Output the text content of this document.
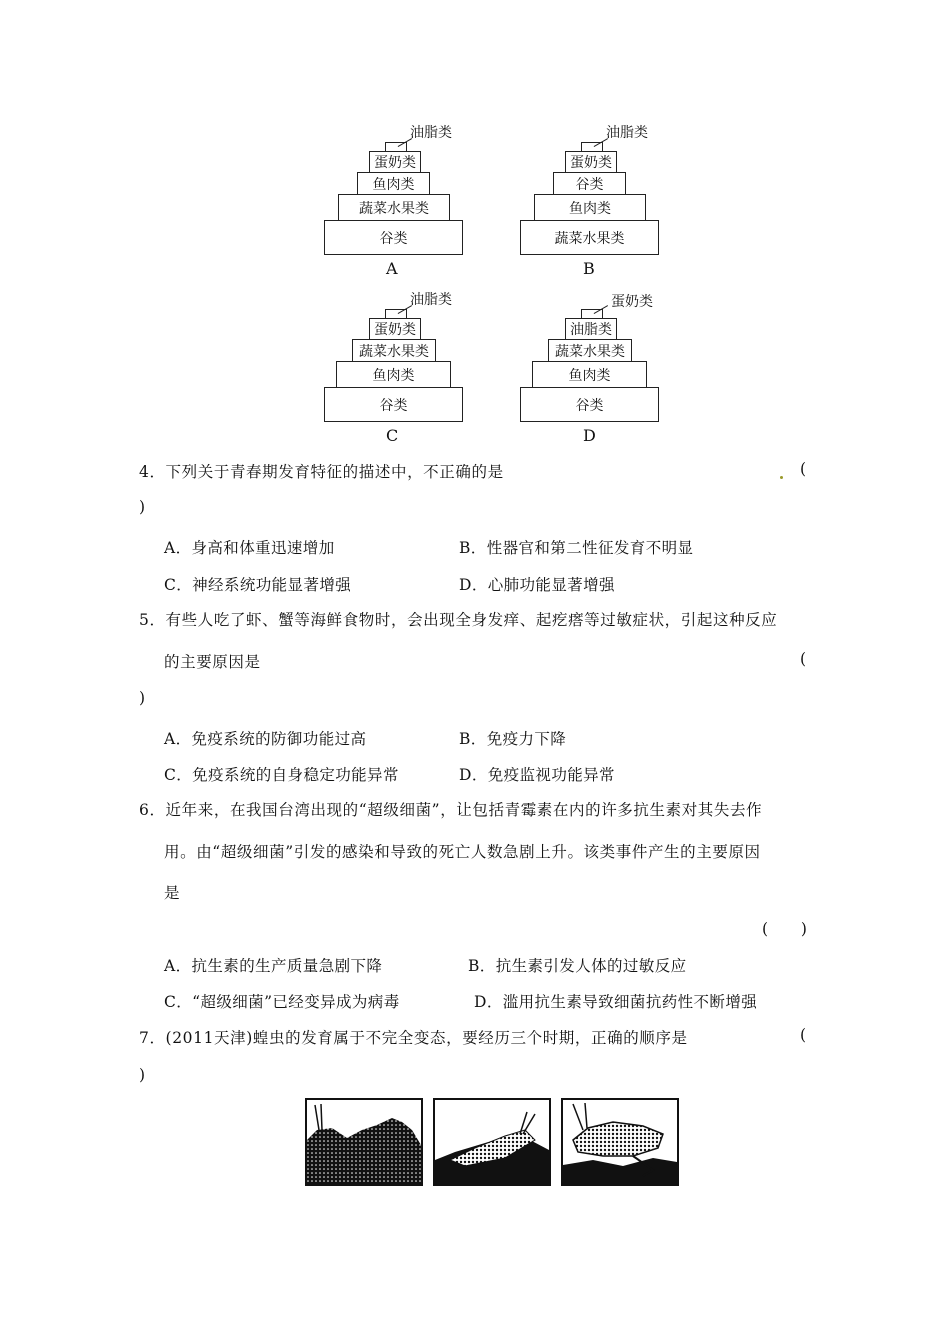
油脂类
蛋奶类
鱼肉类
蔬菜水果类
谷类
A
油脂类
蛋奶类
谷类
鱼肉类
蔬菜水果类
B
油脂类
蛋奶类
蔬菜水果类
鱼肉类
谷类
C
蛋奶类
油脂类
蔬菜水果类
鱼肉类
谷类
D
4．下列关于青春期发育特征的描述中，不正确的是	(
)
A．身高和体重迅速增加	B．性器官和第二性征发育不明显
C．神经系统功能显著增强	D．心肺功能显著增强
5．有些人吃了虾、蟹等海鲜食物时，会出现全身发痒、起疙瘩等过敏症状，引起这种反应
的主要原因是	(
)
A．免疫系统的防御功能过高	B．免疫力下降
C．免疫系统的自身稳定功能异常	D．免疫监视功能异常
6．近年来，在我国台湾出现的“超级细菌”，让包括青霉素在内的许多抗生素对其失去作
用。由“超级细菌”引发的感染和导致的死亡人数急剧上升。该类事件产生的主要原因
是
(　　)
A．抗生素的生产质量急剧下降	B．抗生素引发人体的过敏反应
C．“超级细菌”已经变异成为病毒	D．滥用抗生素导致细菌抗药性不断增强
7．(2011天津)蝗虫的发育属于不完全变态，要经历三个时期，正确的顺序是	(
)
